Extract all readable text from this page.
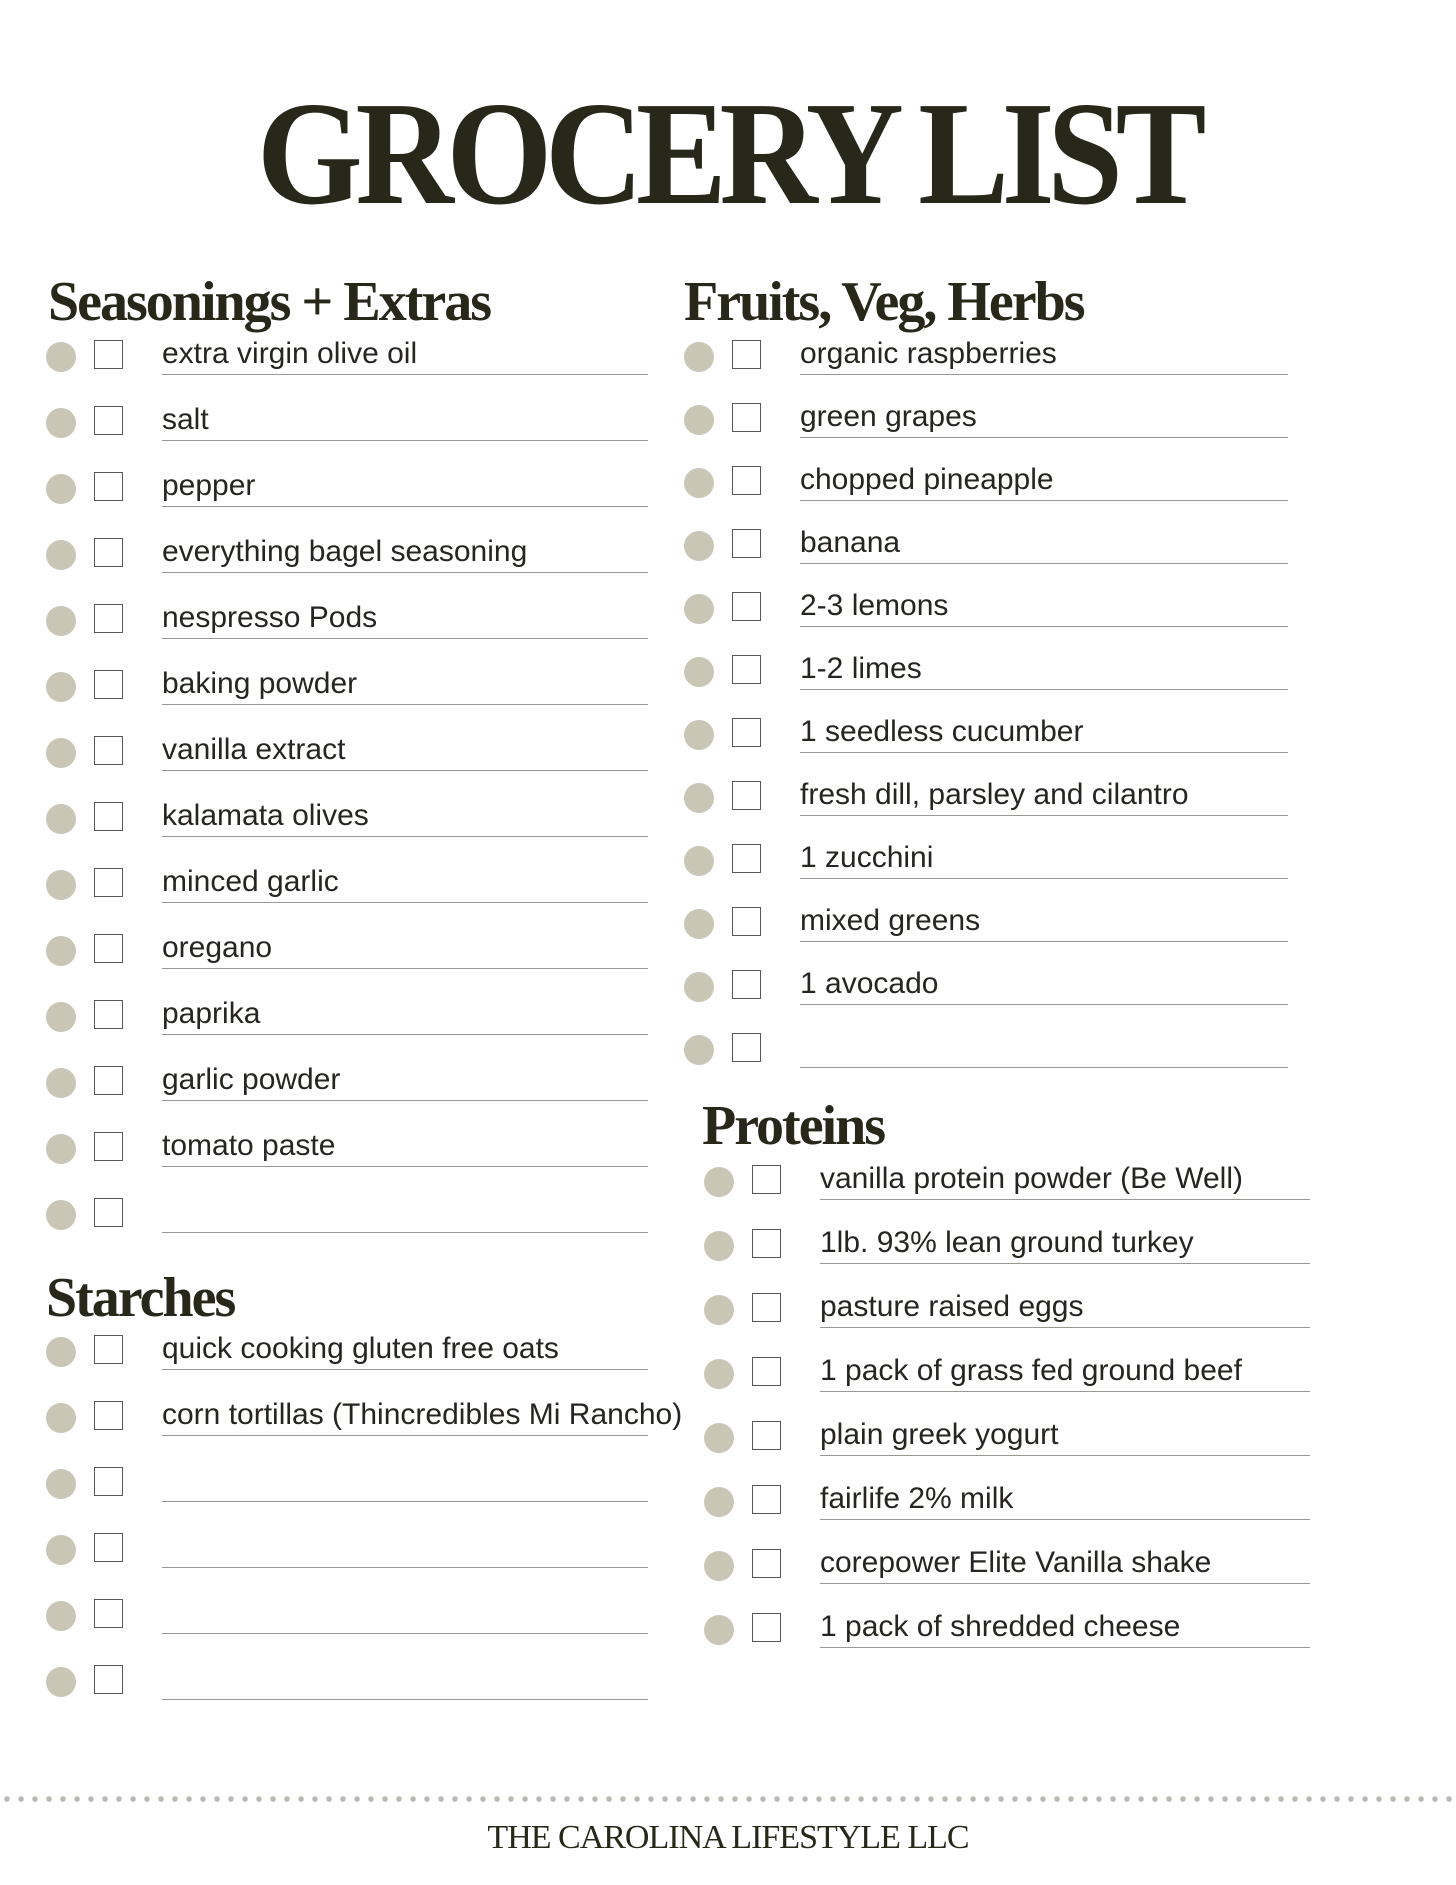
GROCERY LIST
Seasonings + Extras
extra virgin olive oil
salt
pepper
everything bagel seasoning
nespresso Pods
baking powder
vanilla extract
kalamata olives
minced garlic
oregano
paprika
garlic powder
tomato paste
Starches
quick cooking gluten free oats
corn tortillas (Thincredibles Mi Rancho)
Fruits, Veg, Herbs
organic raspberries
green grapes
chopped pineapple
banana
2-3 lemons
1-2 limes
1 seedless cucumber
fresh dill, parsley and cilantro
1 zucchini
mixed greens
1 avocado
Proteins
vanilla protein powder (Be Well)
1lb. 93% lean ground turkey
pasture raised eggs
1 pack of grass fed ground beef
plain greek yogurt
fairlife 2% milk
corepower Elite Vanilla shake
1 pack of shredded cheese
THE CAROLINA LIFESTYLE LLC
